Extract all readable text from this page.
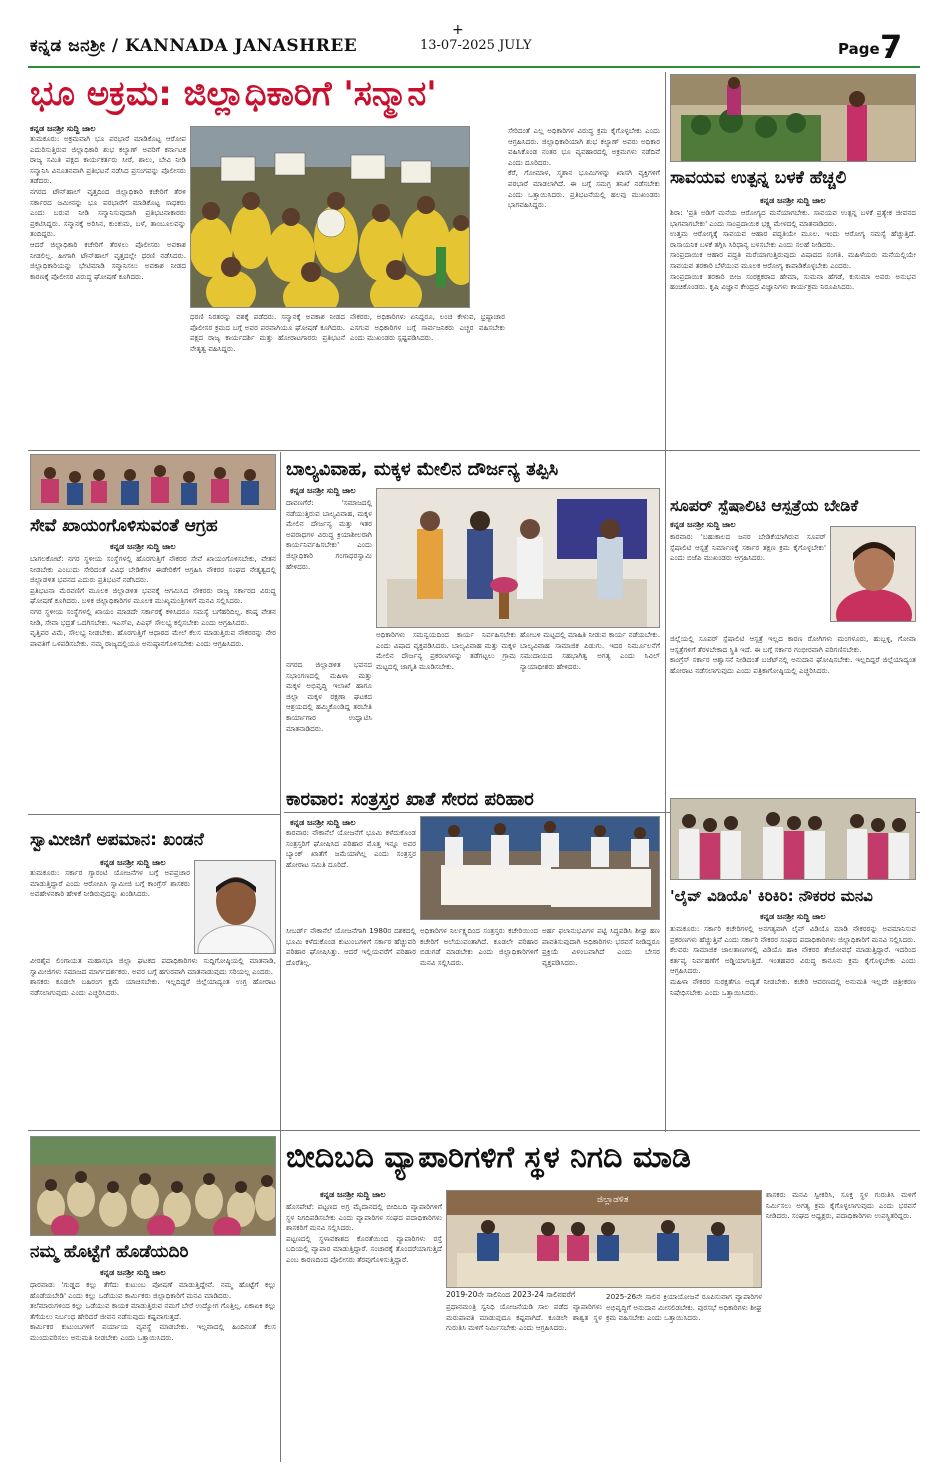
+
ಕನ್ನಡ ಜನಶ್ರೀ / KANNADA JANASHREE	13-07-2025 JULY	Page -
7
ಭೂ ಅಕ್ರಮ: ಜಿಲ್ಲಾಧಿಕಾರಿಗೆ 'ಸನ್ಮಾನ'
ಕನ್ನಡ ಜನಶ್ರೀ ಸುದ್ದಿ ಜಾಲ

ತುಮಕೂರು: ಅಕ್ರಮವಾಗಿ ಭೂ ಪರಭಾರೆ ಮಾಡಿಕೊಟ್ಟ ಆರೋಪ ಎದುರಿಸುತ್ತಿರುವ ಜಿಲ್ಲಾಧಿಕಾರಿ ಶುಭ ಕಲ್ಯಾಣ್ ಅವರಿಗೆ ಕರ್ನಾಟಕ ರಾಜ್ಯ ಸಮಿತಿ ಪಕ್ಷದ ಕಾರ್ಯಕರ್ತರು ಸೀರೆ, ಶಾಲು, ಬೇವಿ ನೀಡಿ ಸನ್ಮಾನಿಸಿ ವಿನೂತನವಾಗಿ ಪ್ರತಿಭಟನೆ ನಡೆಸಿದ ಪ್ರಸಂಗವನ್ನು ಪೊಲೀಸರು ತಡೆದರು.

ನಗರದ ಟೌನ್‌ಹಾಲ್ ವೃತ್ತದಿಂದ ಜಿಲ್ಲಾಧಿಕಾರಿ ಕಚೇರಿಗೆ ತೆರಳಿ ಸರ್ಕಾರದ ಜಮೀನನ್ನು ಭೂ ಪರಭಾರೆಗೆ ಮಾಡಿಕೊಟ್ಟ ಸಾಧಕರು ಎಂದು ಬರುವ ನೀಡಿ ಸನ್ಮಾನಿಸುವುದಾಗಿ ಪ್ರತಿಭಟನಾಕಾರರು ಪ್ರಕಟಿಸಿದ್ದರು. ಸನ್ಮಾನಕ್ಕೆ ಅರಿಸಿನ, ಕುಂಕುಮ, ಬಳೆ, ತಾಂಬೂಲವನ್ನು ತಂದಿದ್ದರು.

ಆದರೆ ಜಿಲ್ಲಾಧಿಕಾರಿ ಕಚೇರಿಗೆ ತೆರಳಲು ಪೊಲೀಸರು ಅವಕಾಶ ನೀಡಲಿಲ್ಲ. ಹೀಗಾಗಿ ಟೌನ್‌ಹಾಲ್ ವೃತ್ತದಲ್ಲೇ ಧರಣಿ ನಡೆಸಿದರು. ಜಿಲ್ಲಾಧಿಕಾರಿಯನ್ನು ಭೇಟಿಮಾಡಿ ಸನ್ಮಾನಿಸಲು ಅವಕಾಶ ನೀಡದ ಕಾರಣಕ್ಕೆ ಪೊಲೀಸರ ವಿರುದ್ಧ ಘೋಷಣೆ ಕೂಗಿದರು.

ಧರಣಿ ನಿರತರನ್ನು ವಶಕ್ಕೆ ಪಡೆದರು. ಸನ್ಮಾನಕ್ಕೆ ಅವಕಾಶ ನೀಡದ ಪೊಲೀಸರ ಕ್ರಮದ ಬಗ್ಗೆ ಅವರ ಪರವಾಗಿಯೂ ಘೋಷಣೆ ಕೂಗಿದರು. ಪಕ್ಷದ ರಾಜ್ಯ ಕಾರ್ಯದರ್ಶಿ ಮತ್ತು ಹೋರಾಟಗಾರರು ಪ್ರತಿಭಟನೆ ನೇತೃತ್ವ ವಹಿಸಿದ್ದರು.

ನೌಕರರು, ಅಧಿಕಾರಿಗಳು ಏನಿದ್ದರೂ, ಲಂಚ ಕೇಳುವ, ಭ್ರಷ್ಟಾಚಾರ ಎಸಗುವ ಅಧಿಕಾರಿಗಳ ಬಗ್ಗೆ ಸಾರ್ವಜನಿಕರು ಎಚ್ಚರ ವಹಿಸಬೇಕು ಎಂದು ಮುಖಂಡರು ಸ್ಪಷ್ಟಪಡಿಸಿದರು.

ಸೇರಿದಂತೆ ಎಲ್ಲ ಅಧಿಕಾರಿಗಳ ವಿರುದ್ಧ ಕ್ರಮ ಕೈಗೊಳ್ಳಬೇಕು ಎಂದು ಆಗ್ರಹಿಸಿದರು. ಜಿಲ್ಲಾಧಿಕಾರಿಯಾಗಿ ಶುಭ ಕಲ್ಯಾಣ್ ಅವರು ಅಧಿಕಾರ ವಹಿಸಿಕೊಂಡ ನಂತರ ಭೂ ವ್ಯವಹಾರದಲ್ಲಿ ಅಕ್ರಮಗಳು ನಡೆದಿವೆ ಎಂದು ದೂರಿದರು.

ಕೆರೆ, ಗೋಮಾಳ, ಸ್ಮಶಾನ ಭೂಮಿಗಳನ್ನು ಖಾಸಗಿ ವ್ಯಕ್ತಿಗಳಿಗೆ ಪರಭಾರೆ ಮಾಡಲಾಗಿದೆ. ಈ ಬಗ್ಗೆ ಸಮಗ್ರ ತನಿಖೆ ನಡೆಸಬೇಕು ಎಂದು ಒತ್ತಾಯಿಸಿದರು. ಪ್ರತಿಭಟನೆಯಲ್ಲಿ ಹಲವು ಮುಖಂಡರು ಭಾಗವಹಿಸಿದ್ದರು.

ಸಾವಯವ ಉತ್ಪನ್ನ ಬಳಕೆ ಹೆಚ್ಚಲಿ
ಕನ್ನಡ ಜನಶ್ರೀ ಸುದ್ದಿ ಜಾಲ

ಶಿರಾ: 'ಪ್ರತಿ ಅಡಿಗೆ ಮನೆಯ ಆರೋಗ್ಯದ ಮನೆಯಾಗಬೇಕು. ಸಾವಯವ ಉತ್ಪನ್ನ ಬಳಕೆ ಪ್ರತ್ಯೇಕ ಜೀವನದ ಭಾಗವಾಗಬೇಕು' ಎಂದು ಸಾಂಪ್ರದಾಯಿಕ ಭಕ್ಷ್ಯ ಮೇಳದಲ್ಲಿ ಮಾತನಾಡಿದರು.

ಉತ್ತಮ ಆರೋಗ್ಯಕ್ಕೆ ಸಾವಯವ ಆಹಾರ ಪದ್ಧತಿಯೇ ಮೂಲ. ಇಂದು ಆರೋಗ್ಯ ಸಮಸ್ಯೆ ಹೆಚ್ಚುತ್ತಿದೆ. ರಾಸಾಯನಿಕ ಬಳಕೆ ತಗ್ಗಿಸಿ ಸಿರಿಧಾನ್ಯ ಬಳಸಬೇಕು ಎಂದು ಸಲಹೆ ನೀಡಿದರು.

ಸಾಂಪ್ರದಾಯಿಕ ಆಹಾರ ಪದ್ಧತಿ ಮರೆಯಾಗುತ್ತಿರುವುದು ವಿಷಾದದ ಸಂಗತಿ. ಮಹಿಳೆಯರು ಮನೆಯಲ್ಲಿಯೇ ಸಾವಯವ ತರಕಾರಿ ಬೆಳೆಯುವ ಮೂಲಕ ಆರೋಗ್ಯ ಕಾಪಾಡಿಕೊಳ್ಳಬೇಕು ಎಂದರು.

ಸಾಂಪ್ರದಾಯಿಕ ತರಕಾರಿ ಬೀಜ ಸಂರಕ್ಷಕರಾದ ಹೇಮಾ, ಸುಮನಾ ಹೆಗಡೆ, ಕುಸುಮಾ ಅವರು ಅನುಭವ ಹಂಚಿಕೊಂಡರು. ಕೃಷಿ ವಿಜ್ಞಾನ ಕೇಂದ್ರದ ವಿಜ್ಞಾನಿಗಳು ಕಾರ್ಯಕ್ರಮ ನಿರೂಪಿಸಿದರು.

ಸೇವೆ ಖಾಯಂಗೊಳಿಸುವಂತೆ ಆಗ್ರಹ
ಕನ್ನಡ ಜನಶ್ರೀ ಸುದ್ದಿ ಜಾಲ

ಬಾಗಲಕೋಟೆ: ನಗರ ಸ್ಥಳೀಯ ಸಂಸ್ಥೆಗಳಲ್ಲಿ ಹೊರಗುತ್ತಿಗೆ ನೌಕರರ ಸೇವೆ ಖಾಯಂಗೊಳಿಸಬೇಕು, ವೇತನ ನೀಡಬೇಕು ಎಂಬುದು ಸೇರಿದಂತೆ ವಿವಿಧ ಬೇಡಿಕೆಗಳ ಈಡೇರಿಕೆಗೆ ಆಗ್ರಹಿಸಿ ನೌಕರರ ಸಂಘದ ನೇತೃತ್ವದಲ್ಲಿ ಜಿಲ್ಲಾಡಳಿತ ಭವನದ ಎದುರು ಪ್ರತಿಭಟನೆ ನಡೆಸಿದರು.

ಪ್ರತಿಭಟನಾ ಮೆರವಣಿಗೆ ಮೂಲಕ ಜಿಲ್ಲಾಡಳಿತ ಭವನಕ್ಕೆ ಆಗಮಿಸಿದ ನೌಕರರು ರಾಜ್ಯ ಸರ್ಕಾರದ ವಿರುದ್ಧ ಘೋಷಣೆ ಕೂಗಿದರು. ಬಳಿಕ ಜಿಲ್ಲಾಧಿಕಾರಿಗಳ ಮೂಲಕ ಮುಖ್ಯಮಂತ್ರಿಗಳಿಗೆ ಮನವಿ ಸಲ್ಲಿಸಿದರು.

ನಗರ ಸ್ಥಳೀಯ ಸಂಸ್ಥೆಗಳಲ್ಲಿ ಖಾಯಂ ಮಾಡದೇ ಸರ್ಕಾರಕ್ಕೆ ಕಳಿಸಿದರೂ ಸಮಸ್ಯೆ ಬಗೆಹರಿದಿಲ್ಲ. ಕನಿಷ್ಠ ವೇತನ ನೀಡಿ, ಸೇವಾ ಭದ್ರತೆ ಒದಗಿಸಬೇಕು. ಇಎಸ್‌ಐ, ಪಿಎಫ್ ಸೌಲಭ್ಯ ಕಲ್ಪಿಸಬೇಕು ಎಂದು ಆಗ್ರಹಿಸಿದರು.

ವೃತ್ತಿಪರ ವಿಮೆ, ಸೌಲಭ್ಯ ನೀಡಬೇಕು. ಹೊರಗುತ್ತಿಗೆ ಆಧಾರದ ಮೇಲೆ ಕೆಲಸ ಮಾಡುತ್ತಿರುವ ನೌಕರರನ್ನು ನೇರ ಪಾವತಿಗೆ ಒಳಪಡಿಸಬೇಕು. ನಮ್ಮ ರಾಜ್ಯದಲ್ಲಿಯೂ ಅನುಷ್ಠಾನಗೊಳಿಸಬೇಕು ಎಂದು ಆಗ್ರಹಿಸಿದರು.

ಬಾಲ್ಯವಿವಾಹ, ಮಕ್ಕಳ ಮೇಲಿನ ದೌರ್ಜನ್ಯ ತಪ್ಪಿಸಿ
ಕನ್ನಡ ಜನಶ್ರೀ ಸುದ್ದಿ ಜಾಲ

ದಾವಣಗೆರೆ: 'ಸಮಾಜದಲ್ಲಿ ನಡೆಯುತ್ತಿರುವ ಬಾಲ್ಯವಿವಾಹ, ಮಕ್ಕಳ ಮೇಲಿನ ದೌರ್ಜನ್ಯ ಮತ್ತು ಇತರ ಅಪರಾಧಗಳ ವಿರುದ್ಧ ಕ್ರಿಯಾಶೀಲರಾಗಿ ಕಾರ್ಯನಿರ್ವಹಿಸಬೇಕು' ಎಂದು ಜಿಲ್ಲಾಧಿಕಾರಿ ಗಂಗಾಧರಸ್ವಾಮಿ ಹೇಳಿದರು.

ನಗರದ ಜಿಲ್ಲಾಡಳಿತ ಭವನದ ಸಭಾಂಗಣದಲ್ಲಿ ಮಹಿಳಾ ಮತ್ತು ಮಕ್ಕಳ ಅಭಿವೃದ್ಧಿ ಇಲಾಖೆ ಹಾಗೂ ಜಿಲ್ಲಾ ಮಕ್ಕಳ ರಕ್ಷಣಾ ಘಟಕದ ಆಶ್ರಯದಲ್ಲಿ ಹಮ್ಮಿಕೊಂಡಿದ್ದ ತರಬೇತಿ ಕಾರ್ಯಾಗಾರ ಉದ್ಘಾಟಿಸಿ ಮಾತನಾಡಿದರು.

ಅಧಿಕಾರಿಗಳು ಸಮನ್ವಯದಿಂದ ಕಾರ್ಯ ನಿರ್ವಹಿಸಬೇಕು ಎಂದು ವಿಷಾದ ವ್ಯಕ್ತಪಡಿಸಿದರು. ಬಾಲ್ಯವಿವಾಹ ಮತ್ತು ಮಕ್ಕಳ ಮೇಲಿನ ದೌರ್ಜನ್ಯ ಪ್ರಕರಣಗಳನ್ನು ತಡೆಗಟ್ಟಲು ಗ್ರಾಮ ಮಟ್ಟದಲ್ಲಿ ಜಾಗೃತಿ ಮೂಡಿಸಬೇಕು.

ಹೋಬಳಿ ಮಟ್ಟದಲ್ಲಿ ಮಾಹಿತಿ ನೀಡುವ ಕಾರ್ಯ ನಡೆಯಬೇಕು. ಬಾಲ್ಯವಿವಾಹ ಸಾಮಾಜಿಕ ಪಿಡುಗು. ಇದರ ನಿರ್ಮೂಲನೆಗೆ ಸಮುದಾಯದ ಸಹಭಾಗಿತ್ವ ಅಗತ್ಯ ಎಂದು ಸಿವಿಲ್ ನ್ಯಾಯಾಧೀಶರು ಹೇಳಿದರು.

ಸೂಪರ್ ಸ್ಪೆಷಾಲಿಟಿ ಆಸ್ಪತ್ರೆಯ ಬೇಡಿಕೆ
ಕನ್ನಡ ಜನಶ್ರೀ ಸುದ್ದಿ ಜಾಲ

ಕಾರವಾರ: 'ಬಹುಕಾಲದ ಜನರ ಬೇಡಿಕೆಯಾಗಿರುವ ಸೂಪರ್ ಸ್ಪೆಷಾಲಿಟಿ ಆಸ್ಪತ್ರೆ ನಿರ್ಮಾಣಕ್ಕೆ ಸರ್ಕಾರ ತಕ್ಷಣ ಕ್ರಮ ಕೈಗೊಳ್ಳಬೇಕು' ಎಂದು ಬಿಜೆಪಿ ಮುಖಂಡರು ಆಗ್ರಹಿಸಿದರು.

ಜಿಲ್ಲೆಯಲ್ಲಿ ಸೂಪರ್ ಸ್ಪೆಷಾಲಿಟಿ ಆಸ್ಪತ್ರೆ ಇಲ್ಲದ ಕಾರಣ ರೋಗಿಗಳು ಮಂಗಳೂರು, ಹುಬ್ಬಳ್ಳಿ, ಗೋವಾ ಆಸ್ಪತ್ರೆಗಳಿಗೆ ತೆರಳಬೇಕಾದ ಸ್ಥಿತಿ ಇದೆ. ಈ ಬಗ್ಗೆ ಸರ್ಕಾರ ಗಂಭೀರವಾಗಿ ಪರಿಗಣಿಸಬೇಕು.

ಕಾಂಗ್ರೆಸ್ ಸರ್ಕಾರ ಆಶ್ವಾಸನೆ ನೀಡಿದಂತೆ ಬಜೆಟ್‌ನಲ್ಲಿ ಅನುದಾನ ಘೋಷಿಸಬೇಕು. ಇಲ್ಲದಿದ್ದರೆ ಜಿಲ್ಲೆಯಾದ್ಯಂತ ಹೋರಾಟ ನಡೆಸಲಾಗುವುದು ಎಂದು ಪತ್ರಿಕಾಗೋಷ್ಠಿಯಲ್ಲಿ ಎಚ್ಚರಿಸಿದರು.

ಕಾರವಾರ: ಸಂತ್ರಸ್ತರ ಖಾತೆ ಸೇರದ ಪರಿಹಾರ
ಕನ್ನಡ ಜನಶ್ರೀ ಸುದ್ದಿ ಜಾಲ

ಕಾರವಾರ: ನೌಕಾನೆಲೆ ಯೋಜನೆಗೆ ಭೂಮಿ ಕಳೆದುಕೊಂಡ ಸಂತ್ರಸ್ತರಿಗೆ ಘೋಷಿಸಿದ ಪರಿಹಾರ ಮೊತ್ತ ಇನ್ನೂ ಅವರ ಬ್ಯಾಂಕ್ ಖಾತೆಗೆ ಜಮೆಯಾಗಿಲ್ಲ ಎಂದು ಸಂತ್ರಸ್ತರ ಹೋರಾಟ ಸಮಿತಿ ದೂರಿದೆ.

ಸೀಬರ್ಡ್ ನೌಕಾನೆಲೆ ಯೋಜನೆಗಾಗಿ 1980ರ ದಶಕದಲ್ಲಿ ಭೂಮಿ ಕಳೆದುಕೊಂಡ ಕುಟುಂಬಗಳಿಗೆ ಸರ್ಕಾರ ಹೆಚ್ಚುವರಿ ಪರಿಹಾರ ಘೋಷಿಸಿತ್ತು. ಆದರೆ ಇಲ್ಲಿಯವರೆಗೆ ಪರಿಹಾರ ದೊರೆತಿಲ್ಲ.

ಅಧಿಕಾರಿಗಳ ನಿರ್ಲಕ್ಷ್ಯದಿಂದ ಸಂತ್ರಸ್ತರು ಕಚೇರಿಯಿಂದ ಕಚೇರಿಗೆ ಅಲೆಯುವಂತಾಗಿದೆ. ಕೂಡಲೇ ಪರಿಹಾರ ಬಿಡುಗಡೆ ಮಾಡಬೇಕು ಎಂದು ಜಿಲ್ಲಾಧಿಕಾರಿಗಳಿಗೆ ಮನವಿ ಸಲ್ಲಿಸಿದರು.

ಅರ್ಹ ಫಲಾನುಭವಿಗಳ ಪಟ್ಟಿ ಸಿದ್ಧಪಡಿಸಿ ಶೀಘ್ರ ಹಣ ಪಾವತಿಸುವುದಾಗಿ ಅಧಿಕಾರಿಗಳು ಭರವಸೆ ನೀಡಿದ್ದರೂ ಪ್ರಕ್ರಿಯೆ ವಿಳಂಬವಾಗಿದೆ ಎಂದು ಬೇಸರ ವ್ಯಕ್ತಪಡಿಸಿದರು.

ಸ್ವಾಮೀಜಿಗೆ ಅಪಮಾನ: ಖಂಡನೆ
ಕನ್ನಡ ಜನಶ್ರೀ ಸುದ್ದಿ ಜಾಲ

ತುಮಕೂರು: ಸರ್ಕಾರ ಗ್ಯಾರಂಟಿ ಯೋಜನೆಗಳ ಬಗ್ಗೆ ಅಪಪ್ರಚಾರ ಮಾಡುತ್ತಿದ್ದಾರೆ ಎಂದು ಆರೋಪಿಸಿ ಸ್ವಾಮೀಜಿ ಬಗ್ಗೆ ಕಾಂಗ್ರೆಸ್ ಶಾಸಕರು ಅವಹೇಳನಕಾರಿ ಹೇಳಿಕೆ ನೀಡಿರುವುದನ್ನು ಖಂಡಿಸಿದರು.

ವೀರಶೈವ ಲಿಂಗಾಯತ ಮಹಾಸಭಾ ಜಿಲ್ಲಾ ಘಟಕದ ಪದಾಧಿಕಾರಿಗಳು ಸುದ್ದಿಗೋಷ್ಠಿಯಲ್ಲಿ ಮಾತನಾಡಿ, ಸ್ವಾಮೀಜಿಗಳು ಸಮಾಜದ ಮಾರ್ಗದರ್ಶಕರು. ಅವರ ಬಗ್ಗೆ ಹಗುರವಾಗಿ ಮಾತನಾಡುವುದು ಸರಿಯಲ್ಲ ಎಂದರು.

ಶಾಸಕರು ಕೂಡಲೇ ಬಹಿರಂಗ ಕ್ಷಮೆ ಯಾಚಿಸಬೇಕು. ಇಲ್ಲದಿದ್ದರೆ ಜಿಲ್ಲೆಯಾದ್ಯಂತ ಉಗ್ರ ಹೋರಾಟ ನಡೆಸಲಾಗುವುದು ಎಂದು ಎಚ್ಚರಿಸಿದರು.

'ಲೈವ್ ವಿಡಿಯೊ' ಕಿರಿಕಿರಿ: ನೌಕರರ ಮನವಿ
ಕನ್ನಡ ಜನಶ್ರೀ ಸುದ್ದಿ ಜಾಲ

ತುಮಕೂರು: ಸರ್ಕಾರಿ ಕಚೇರಿಗಳಲ್ಲಿ ಅನಗತ್ಯವಾಗಿ ಲೈವ್ ವಿಡಿಯೊ ಮಾಡಿ ನೌಕರರನ್ನು ಅವಮಾನಿಸುವ ಪ್ರಕರಣಗಳು ಹೆಚ್ಚುತ್ತಿವೆ ಎಂದು ಸರ್ಕಾರಿ ನೌಕರರ ಸಂಘದ ಪದಾಧಿಕಾರಿಗಳು ಜಿಲ್ಲಾಧಿಕಾರಿಗೆ ಮನವಿ ಸಲ್ಲಿಸಿದರು.

ಕೆಲವರು ಸಾಮಾಜಿಕ ಜಾಲತಾಣಗಳಲ್ಲಿ ವಿಡಿಯೊ ಹಾಕಿ ನೌಕರರ ತೇಜೋವಧೆ ಮಾಡುತ್ತಿದ್ದಾರೆ. ಇದರಿಂದ ಕರ್ತವ್ಯ ನಿರ್ವಹಣೆಗೆ ಅಡ್ಡಿಯಾಗುತ್ತಿದೆ. ಇಂತಹವರ ವಿರುದ್ಧ ಕಾನೂನು ಕ್ರಮ ಕೈಗೊಳ್ಳಬೇಕು ಎಂದು ಆಗ್ರಹಿಸಿದರು.

ಮಹಿಳಾ ನೌಕರರ ಸುರಕ್ಷತೆಗೂ ಆದ್ಯತೆ ನೀಡಬೇಕು. ಕಚೇರಿ ಆವರಣದಲ್ಲಿ ಅನುಮತಿ ಇಲ್ಲದೇ ಚಿತ್ರೀಕರಣ ನಿಷೇಧಿಸಬೇಕು ಎಂದು ಒತ್ತಾಯಿಸಿದರು.

ನಮ್ಮ ಹೊಟ್ಟೆಗೆ ಹೊಡೆಯದಿರಿ
ಕನ್ನಡ ಜನಶ್ರೀ ಸುದ್ದಿ ಜಾಲ

ಧಾರವಾಡ: 'ಗುಡ್ಡದ ಕಲ್ಲು ತೆಗೆದು ಕುಟುಂಬ ಪೋಷಣೆ ಮಾಡುತ್ತಿದ್ದೇವೆ. ನಮ್ಮ ಹೊಟ್ಟೆಗೆ ಕಲ್ಲು ಹೊಡೆಯಬೇಡಿ' ಎಂದು ಕಲ್ಲು ಒಡೆಯುವ ಕಾರ್ಮಿಕರು ಜಿಲ್ಲಾಧಿಕಾರಿಗೆ ಮನವಿ ಮಾಡಿದರು.

ತಲೆಮಾರುಗಳಿಂದ ಕಲ್ಲು ಒಡೆಯುವ ಕಾಯಕ ಮಾಡುತ್ತಿರುವ ನಮಗೆ ಬೇರೆ ಉದ್ಯೋಗ ಗೊತ್ತಿಲ್ಲ. ಏಕಾಏಕಿ ಕಲ್ಲು ತೆಗೆಯಲು ನಿರ್ಬಂಧ ಹೇರಿದರೆ ಜೀವನ ನಡೆಸುವುದು ಕಷ್ಟವಾಗುತ್ತದೆ.

ಕಾರ್ಮಿಕರ ಕುಟುಂಬಗಳಿಗೆ ಪರ್ಯಾಯ ವ್ಯವಸ್ಥೆ ಮಾಡಬೇಕು. ಇಲ್ಲವಾದಲ್ಲಿ ಹಿಂದಿನಂತೆ ಕೆಲಸ ಮುಂದುವರಿಸಲು ಅನುಮತಿ ನೀಡಬೇಕು ಎಂದು ಒತ್ತಾಯಿಸಿದರು.

ಬೀದಿಬದಿ ವ್ಯಾಪಾರಿಗಳಿಗೆ ಸ್ಥಳ ನಿಗದಿ ಮಾಡಿ
ಕನ್ನಡ ಜನಶ್ರೀ ಸುದ್ದಿ ಜಾಲ

ಹೊಸಪೇಟೆ: ಪಟ್ಟಣದ ಅಗ್ರ ಮೈದಾನದಲ್ಲಿ ಬೀದಿಬದಿ ವ್ಯಾಪಾರಿಗಳಿಗೆ ಸ್ಥಳ ನಿಗದಿಪಡಿಸಬೇಕು ಎಂದು ವ್ಯಾಪಾರಿಗಳ ಸಂಘದ ಪದಾಧಿಕಾರಿಗಳು ಶಾಸಕರಿಗೆ ಮನವಿ ಸಲ್ಲಿಸಿದರು.

ಪಟ್ಟಣದಲ್ಲಿ ಸ್ಥಳಾವಕಾಶದ ಕೊರತೆಯಿಂದ ವ್ಯಾಪಾರಿಗಳು ರಸ್ತೆ ಬದಿಯಲ್ಲಿ ವ್ಯಾಪಾರ ಮಾಡುತ್ತಿದ್ದಾರೆ. ಸಂಚಾರಕ್ಕೆ ತೊಂದರೆಯಾಗುತ್ತಿದೆ ಎಂಬ ಕಾರಣದಿಂದ ಪೊಲೀಸರು ತೆರವುಗೊಳಿಸುತ್ತಿದ್ದಾರೆ.

ಜಿಲ್ಲಾಡಳಿತ
2019-20ನೇ ಸಾಲಿನಿಂದ 2023-24 ಸಾಲಿನವರೆಗೆ

ಪ್ರಧಾನಮಂತ್ರಿ ಸ್ವನಿಧಿ ಯೋಜನೆಯಡಿ ಸಾಲ ಪಡೆದ ವ್ಯಾಪಾರಿಗಳು ಮರುಪಾವತಿ ಮಾಡುವುದೂ ಕಷ್ಟವಾಗಿದೆ. ಕೂಡಲೇ ಶಾಶ್ವತ ಸ್ಥಳ ಗುರುತಿಸಿ ಮಳಿಗೆ ನಿರ್ಮಿಸಬೇಕು ಎಂದು ಆಗ್ರಹಿಸಿದರು.

2025-26ನೇ ಸಾಲಿನ ಕ್ರಿಯಾಯೋಜನೆ ರೂಪಿಸುವಾಗ ವ್ಯಾಪಾರಿಗಳ ಅಭಿವೃದ್ಧಿಗೆ ಅನುದಾನ ಮೀಸಲಿಡಬೇಕು. ಪುರಸಭೆ ಅಧಿಕಾರಿಗಳು ಶೀಘ್ರ ಕ್ರಮ ವಹಿಸಬೇಕು ಎಂದು ಒತ್ತಾಯಿಸಿದರು.

ಶಾಸಕರು ಮನವಿ ಸ್ವೀಕರಿಸಿ, ಸೂಕ್ತ ಸ್ಥಳ ಗುರುತಿಸಿ ಮಳಿಗೆ ನಿರ್ಮಿಸಲು ಅಗತ್ಯ ಕ್ರಮ ಕೈಗೊಳ್ಳಲಾಗುವುದು ಎಂದು ಭರವಸೆ ನೀಡಿದರು. ಸಂಘದ ಅಧ್ಯಕ್ಷರು, ಪದಾಧಿಕಾರಿಗಳು ಉಪಸ್ಥಿತರಿದ್ದರು.
